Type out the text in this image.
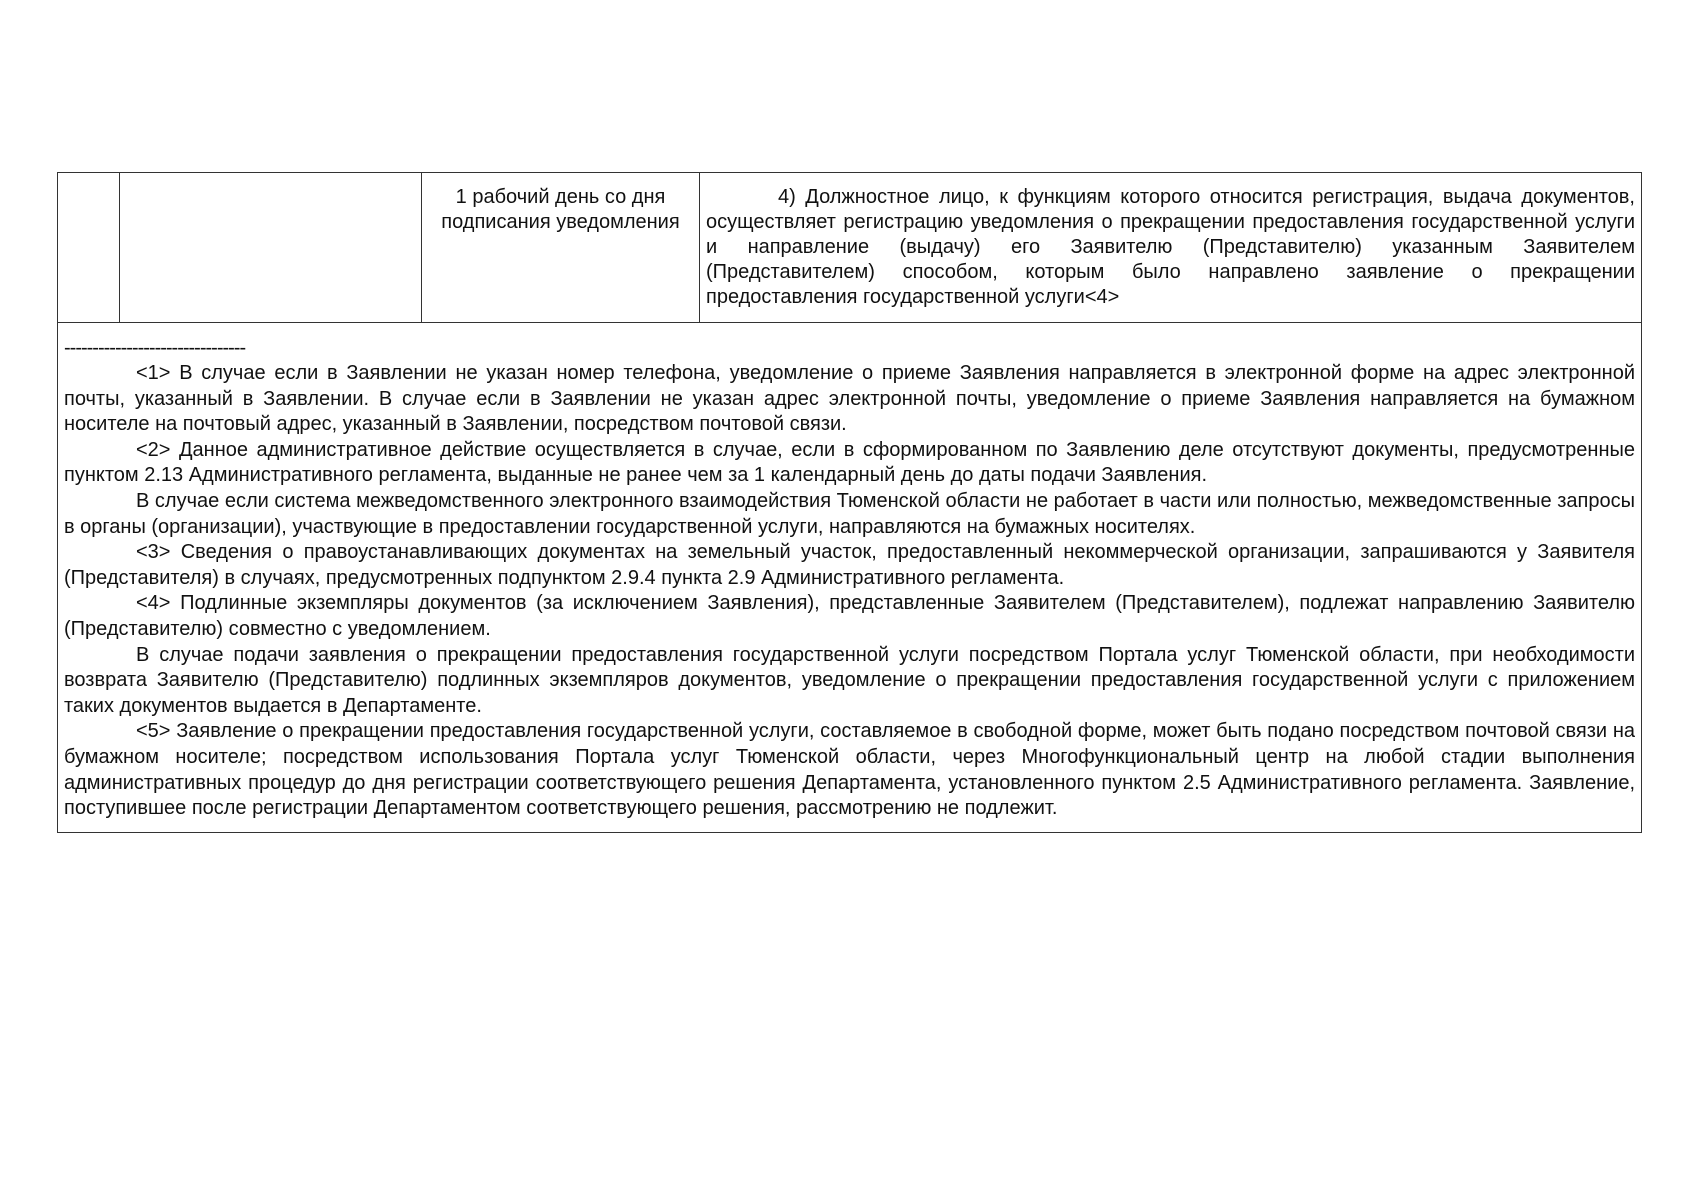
1 рабочий день со дня подписания уведомления
4) Должностное лицо, к функциям которого относится регистрация, выдача документов, осуществляет регистрацию уведомления о прекращении предоставления государственной услуги и направление (выдачу) его Заявителю (Представителю) указанным Заявителем (Представителем) способом, которым было направлено заявление о прекращении предоставления государственной услуги<4>
--------------------------------

<1> В случае если в Заявлении не указан номер телефона, уведомление о приеме Заявления направляется в электронной форме на адрес электронной почты, указанный в Заявлении. В случае если в Заявлении не указан адрес электронной почты, уведомление о приеме Заявления направляется на бумажном носителе на почтовый адрес, указанный в Заявлении, посредством почтовой связи.

<2> Данное административное действие осуществляется в случае, если в сформированном по Заявлению деле отсутствуют документы, предусмотренные пунктом 2.13 Административного регламента, выданные не ранее чем за 1 календарный день до даты подачи Заявления.

В случае если система межведомственного электронного взаимодействия Тюменской области не работает в части или полностью, межведомственные запросы в органы (организации), участвующие в предоставлении государственной услуги, направляются на бумажных носителях.

<3> Сведения о правоустанавливающих документах на земельный участок, предоставленный некоммерческой организации, запрашиваются у Заявителя (Представителя) в случаях, предусмотренных подпунктом 2.9.4 пункта 2.9 Административного регламента.

<4> Подлинные экземпляры документов (за исключением Заявления), представленные Заявителем (Представителем), подлежат направлению Заявителю (Представителю) совместно с уведомлением.

В случае подачи заявления о прекращении предоставления государственной услуги посредством Портала услуг Тюменской области, при необходимости возврата Заявителю (Представителю) подлинных экземпляров документов, уведомление о прекращении предоставления государственной услуги с приложением таких документов выдается в Департаменте.

<5> Заявление о прекращении предоставления государственной услуги, составляемое в свободной форме, может быть подано посредством почтовой связи на бумажном носителе; посредством использования Портала услуг Тюменской области, через Многофункциональный центр на любой стадии выполнения административных процедур до дня регистрации соответствующего решения Департамента, установленного пунктом 2.5 Административного регламента. Заявление, поступившее после регистрации Департаментом соответствующего решения, рассмотрению не подлежит.
